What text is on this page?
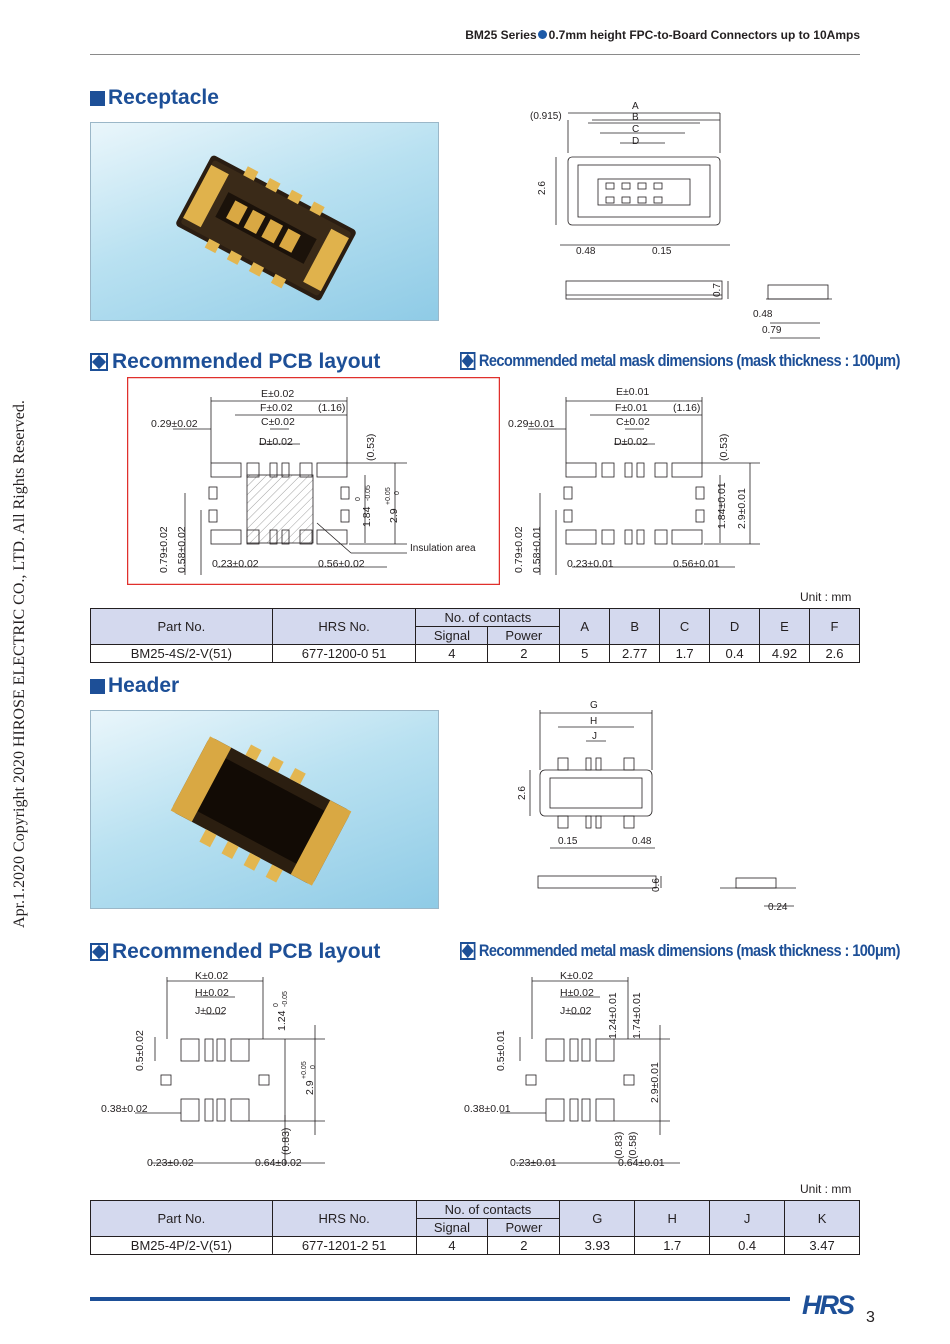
BM25 Series 0.7mm height FPC-to-Board Connectors up to 10Amps
Apr.1.2020 Copyright 2020 HIROSE ELECTRIC CO., LTD. All Rights Reserved.
Receptacle	A
B
C
D
(0.915)
2.6
0.48	0.15
0.7
0.48
0.79
Recommended PCB layout	Recommended metal mask dimensions (mask thickness : 100μm)
E±0.02
F±0.02 (1.16)
C±0.02
D±0.02
0.29±0.02
(0.53)
1.84
0 -0.05
2.9
+0.05 0
0.79±0.02 0.58±0.02 0.23±0.02	0.56±0.02
Insulation area
E±0.01
F±0.01 (1.16)
C±0.02
D±0.02
0.29±0.01
(0.53)
1.84±0.01 2.9±0.01
0.79±0.02 0.58±0.01 0.23±0.01	0.56±0.01
Unit : mm
Part No.	HRS No.	No. of contacts		A	B	C	D	E	F
		Signal	Power						
BM25-4S/2-V(51)	677-1200-0 51	4	2	5	2.77	1.7	0.4	4.92	2.6
Header
G
H
J
2.6
0.15	0.48
0.6
0.24
Recommended PCB layout	Recommended metal mask dimensions (mask thickness : 100μm)
K±0.02
H±0.02
J±0.02	1.24
0 -0.05
0.5±0.02
2.9
+0.05 0
0.38±0.02
(0.83)
0.23±0.02	0.64±0.02
K±0.02
H±0.02
J±0.02 1.24±0.01 1.74±0.01
0.5±0.01
2.9±0.01
0.38±0.01
(0.83) (0.58)
0.23±0.01	0.64±0.01
Unit : mm
Part No.	HRS No.	No. of contacts		G	H	J	K
		Signal	Power				
BM25-4P/2-V(51)	677-1201-2 51	4	2	3.93	1.7	0.4	3.47
HRS 3
